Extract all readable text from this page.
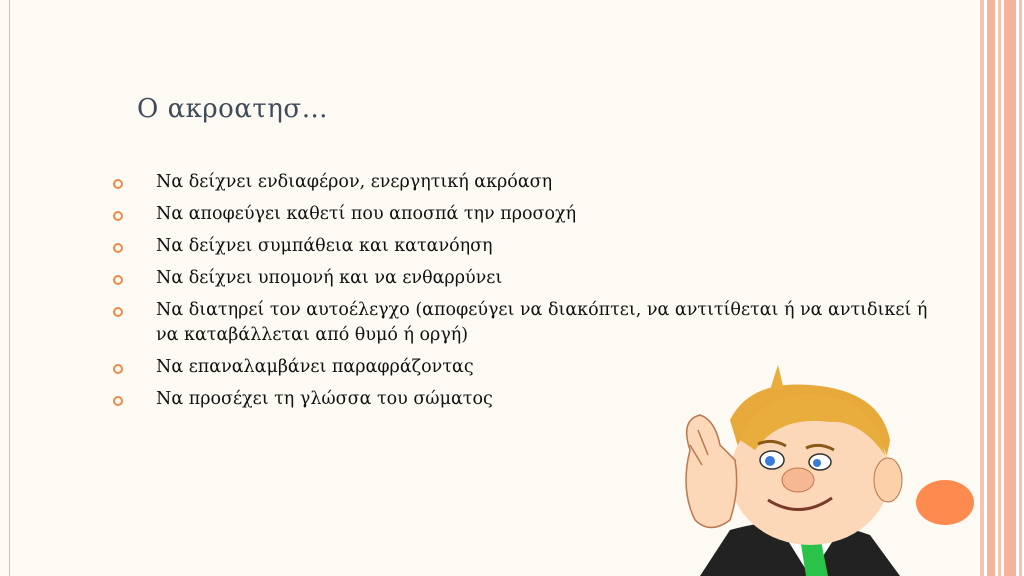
Ο ακροατησ…
Να δείχνει ενδιαφέρον, ενεργητική ακρόαση
Να αποφεύγει καθετί που αποσπά την προσοχή
Να δείχνει συμπάθεια και κατανόηση
Να δείχνει υπομονή και να ενθαρρύνει
Να διατηρεί τον αυτοέλεγχο (αποφεύγει να διακόπτει, να αντιτίθεται ή να αντιδικεί ή να καταβάλλεται από θυμό ή οργή)
Να επαναλαμβάνει παραφράζοντας
Να προσέχει τη γλώσσα του σώματος
